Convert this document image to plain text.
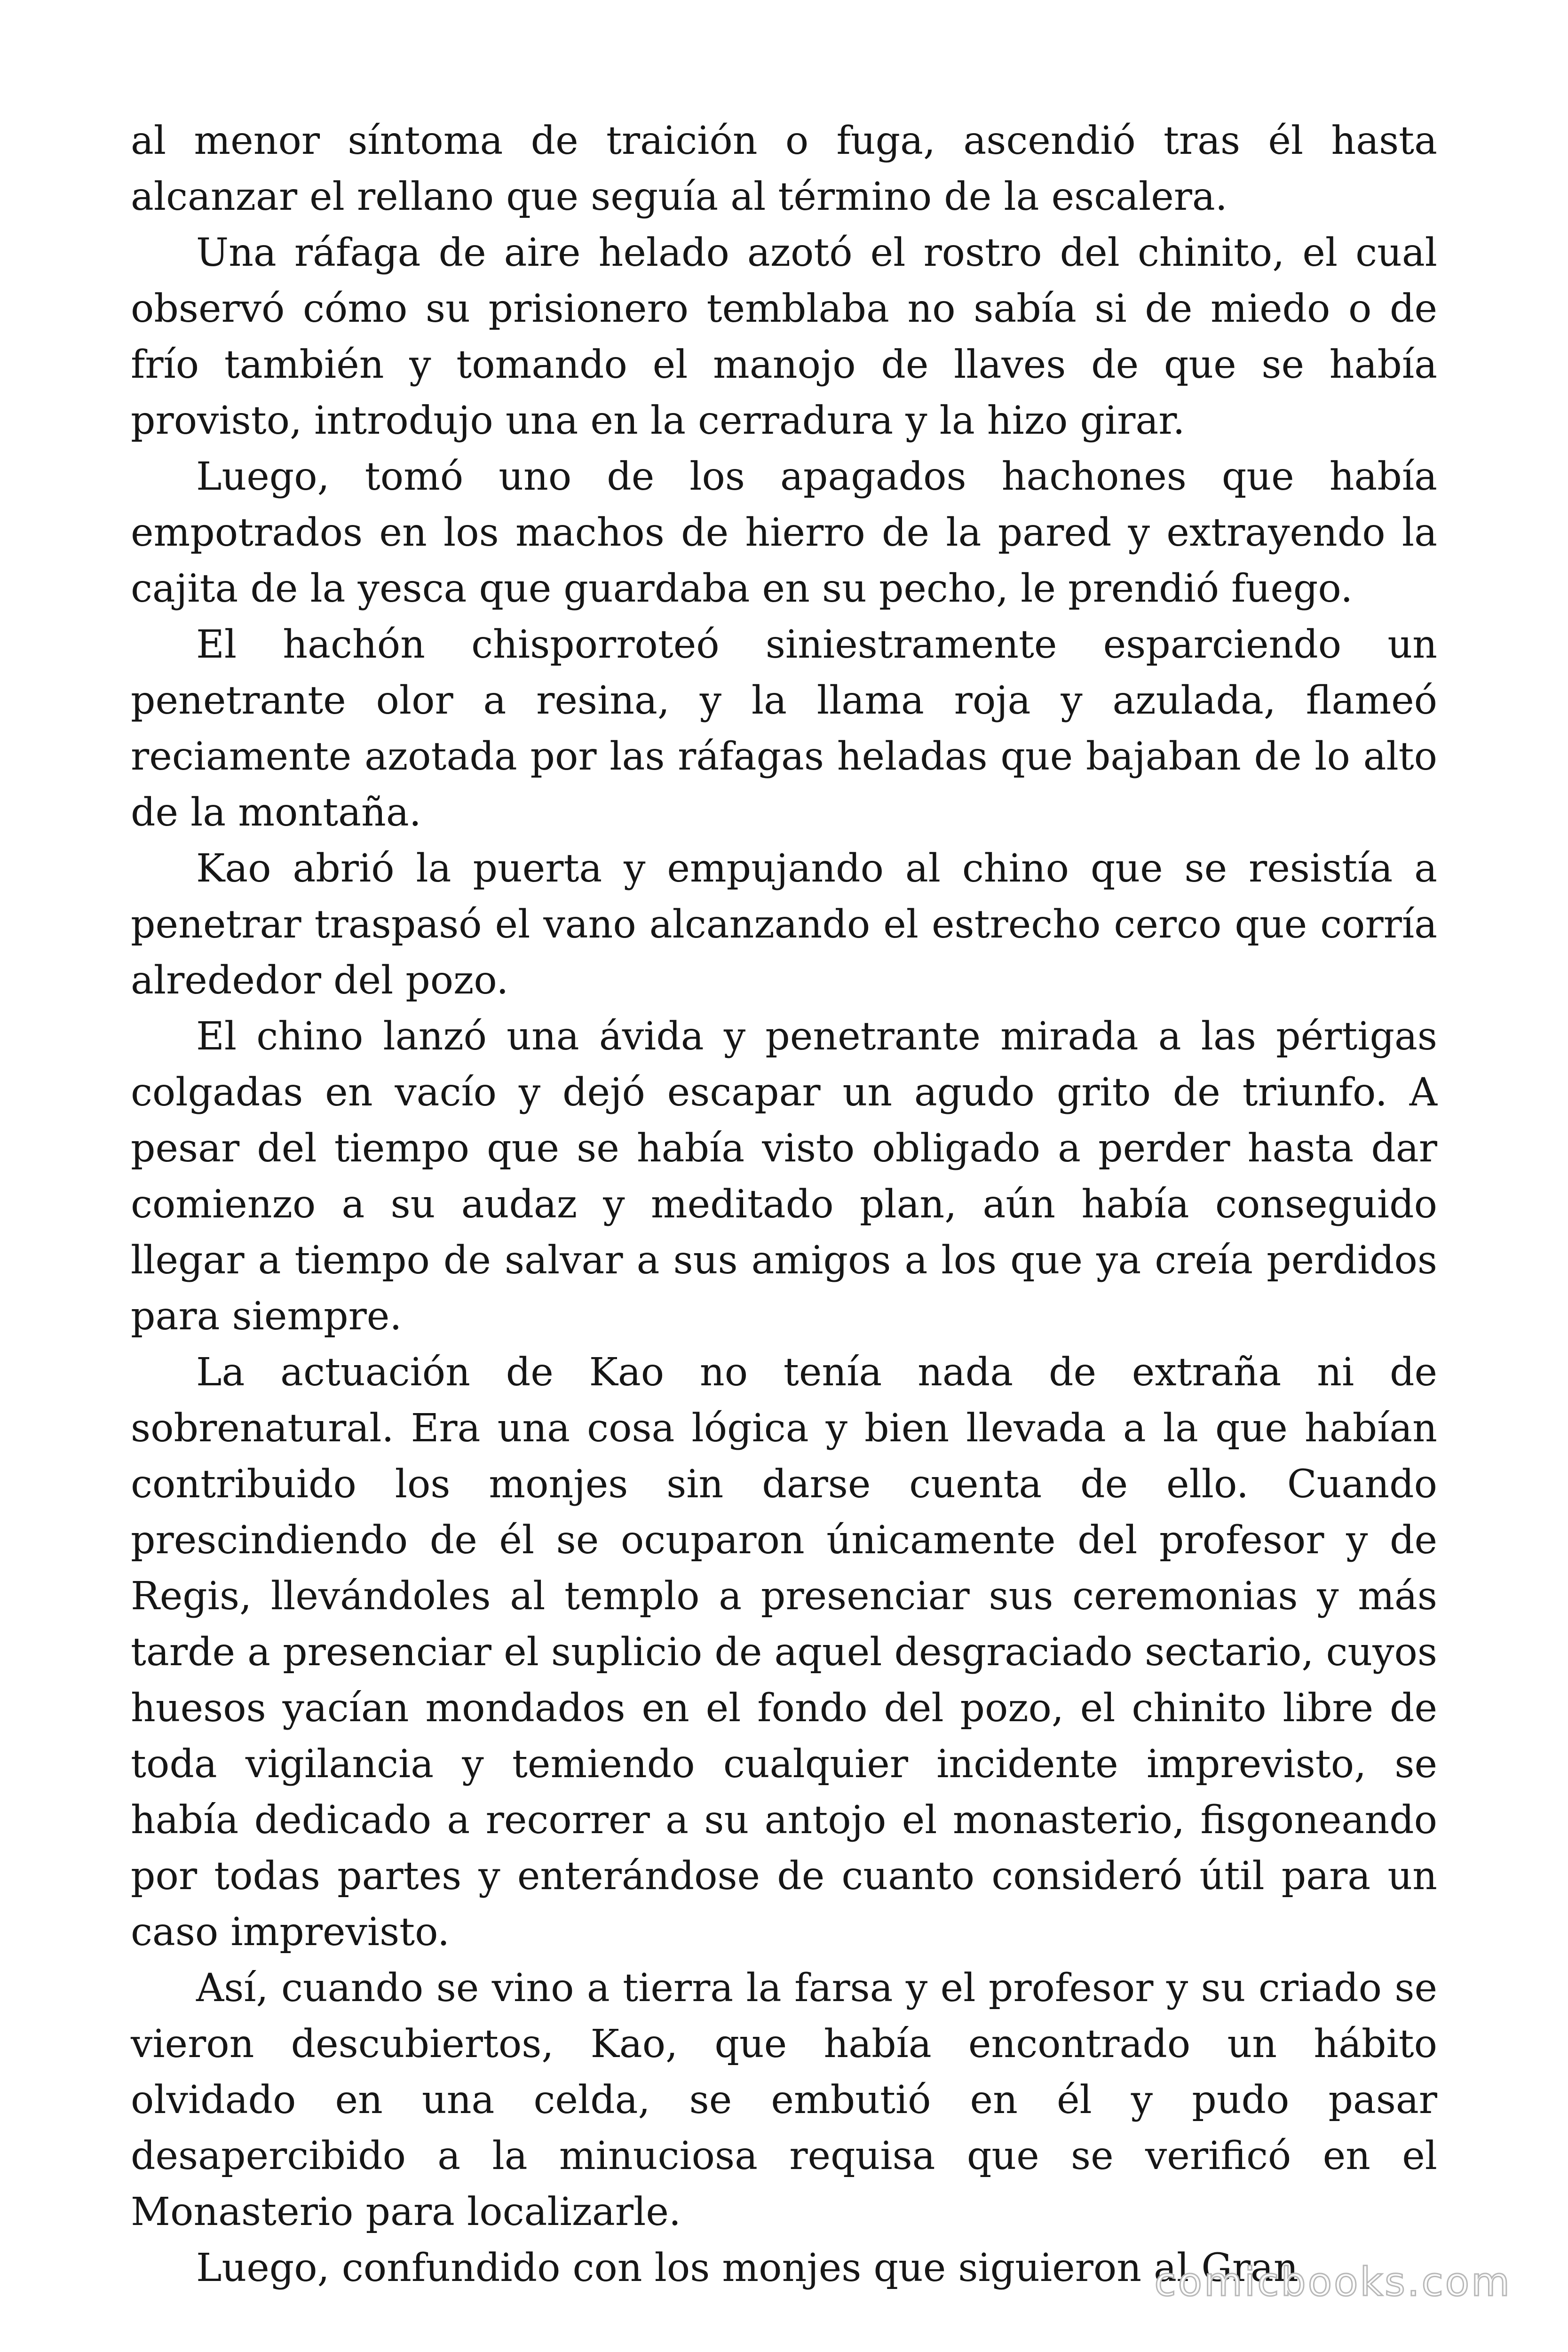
al menor síntoma de traición o fuga, ascendió tras él hasta alcanzar el rellano que seguía al término de la escalera.

Una ráfaga de aire helado azotó el rostro del chinito, el cual observó cómo su prisionero temblaba no sabía si de miedo o de frío también y tomando el manojo de llaves de que se había provisto, introdujo una en la cerradura y la hizo girar.

Luego, tomó uno de los apagados hachones que había empotrados en los machos de hierro de la pared y extrayendo la cajita de la yesca que guardaba en su pecho, le prendió fuego.

El hachón chisporroteó siniestramente esparciendo un penetrante olor a resina, y la llama roja y azulada, flameó reciamente azotada por las ráfagas heladas que bajaban de lo alto de la montaña.

Kao abrió la puerta y empujando al chino que se resistía a penetrar traspasó el vano alcanzando el estrecho cerco que corría alrededor del pozo.

El chino lanzó una ávida y penetrante mirada a las pértigas colgadas en vacío y dejó escapar un agudo grito de triunfo. A pesar del tiempo que se había visto obligado a perder hasta dar comienzo a su audaz y meditado plan, aún había conseguido llegar a tiempo de salvar a sus amigos a los que ya creía perdidos para siempre.

La actuación de Kao no tenía nada de extraña ni de sobrenatural. Era una cosa lógica y bien llevada a la que habían contribuido los monjes sin darse cuenta de ello. Cuando prescindiendo de él se ocuparon únicamente del profesor y de Regis, llevándoles al templo a presenciar sus ceremonias y más tarde a presenciar el suplicio de aquel desgraciado sectario, cuyos huesos yacían mondados en el fondo del pozo, el chinito libre de toda vigilancia y temiendo cualquier incidente imprevisto, se había dedicado a recorrer a su antojo el monasterio, fisgoneando por todas partes y enterándose de cuanto consideró útil para un caso imprevisto.

Así, cuando se vino a tierra la farsa y el profesor y su criado se vieron descubiertos, Kao, que había encontrado un hábito olvidado en una celda, se embutió en él y pudo pasar desapercibido a la minuciosa requisa que se verificó en el Monasterio para localizarle.

Luego, confundido con los monjes que siguieron al Gran

comicbooks.com
